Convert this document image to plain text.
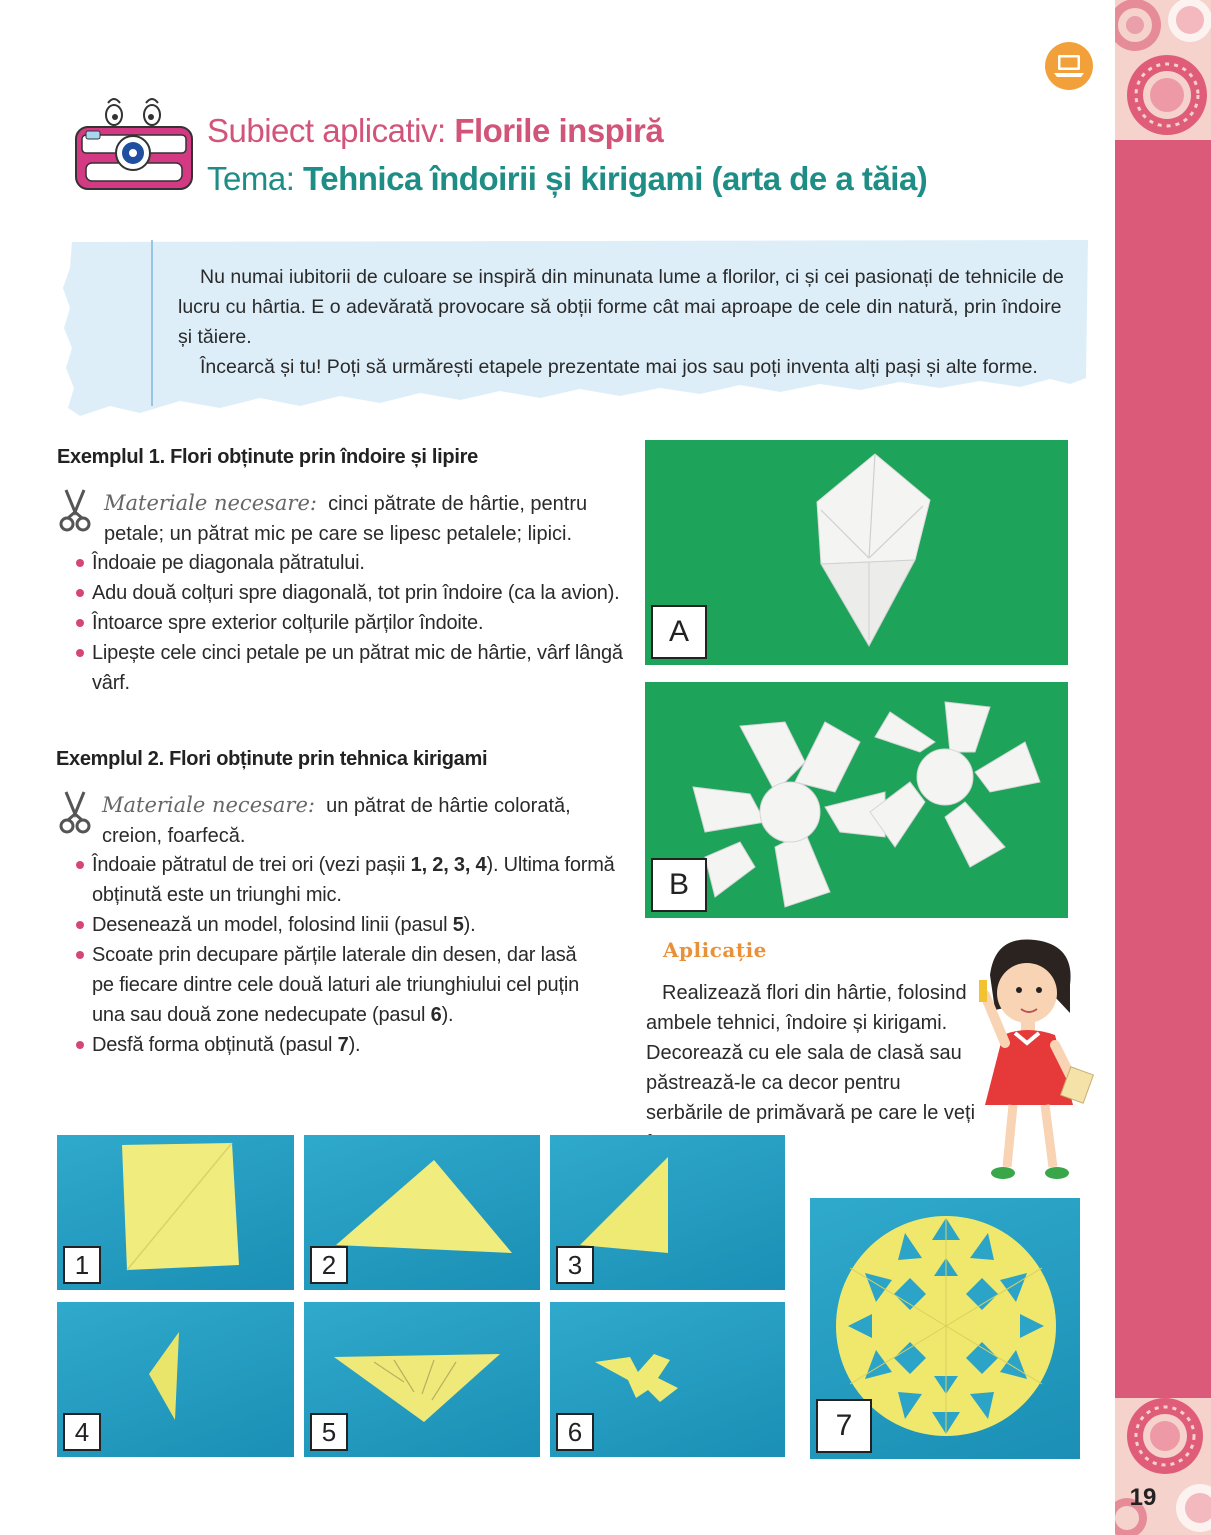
19
Subiect aplicativ: Florile inspiră
Tema: Tehnica îndoirii și kirigami (arta de a tăia)

Nu numai iubitorii de culoare se inspiră din minunata lume a florilor, ci și cei pasionați de tehnicile de lucru cu hârtia. E o adevărată provocare să obții forme cât mai aproape de cele din natură, prin îndoire și tăiere.

Încearcă și tu! Poți să urmărești etapele prezentate mai jos sau poți inventa alți pași și alte forme.

Exemplul 1. Flori obținute prin îndoire și lipire
Materiale necesare: cinci pătrate de hârtie, pentru petale; un pătrat mic pe care se lipesc petalele; lipici.
Îndoaie pe diagonala pătratului.
Adu două colțuri spre diagonală, tot prin îndoire (ca la avion).
Întoarce spre exterior colțurile părților îndoite.
Lipește cele cinci petale pe un pătrat mic de hârtie, vârf lângă vârf.
Exemplul 2. Flori obținute prin tehnica kirigami
Materiale necesare: un pătrat de hârtie colorată, creion, foarfecă.
Îndoaie pătratul de trei ori (vezi pașii 1, 2, 3, 4). Ultima formă obținută este un triunghi mic.
Desenează un model, folosind linii (pasul 5).
Scoate prin decupare părțile laterale din desen, dar lasă pe fiecare dintre cele două laturi ale triunghiului cel puțin una sau două zone nedecupate (pasul 6).
Desfă forma obținută (pasul 7).
A
B
Aplicație

Realizează flori din hârtie, folosind ambele tehnici, îndoire și kirigami. Decorează cu ele sala de clasă sau păstrează-le ca decor pentru serbările de primăvară pe care le veți

1	2	3
4	5	6	7
